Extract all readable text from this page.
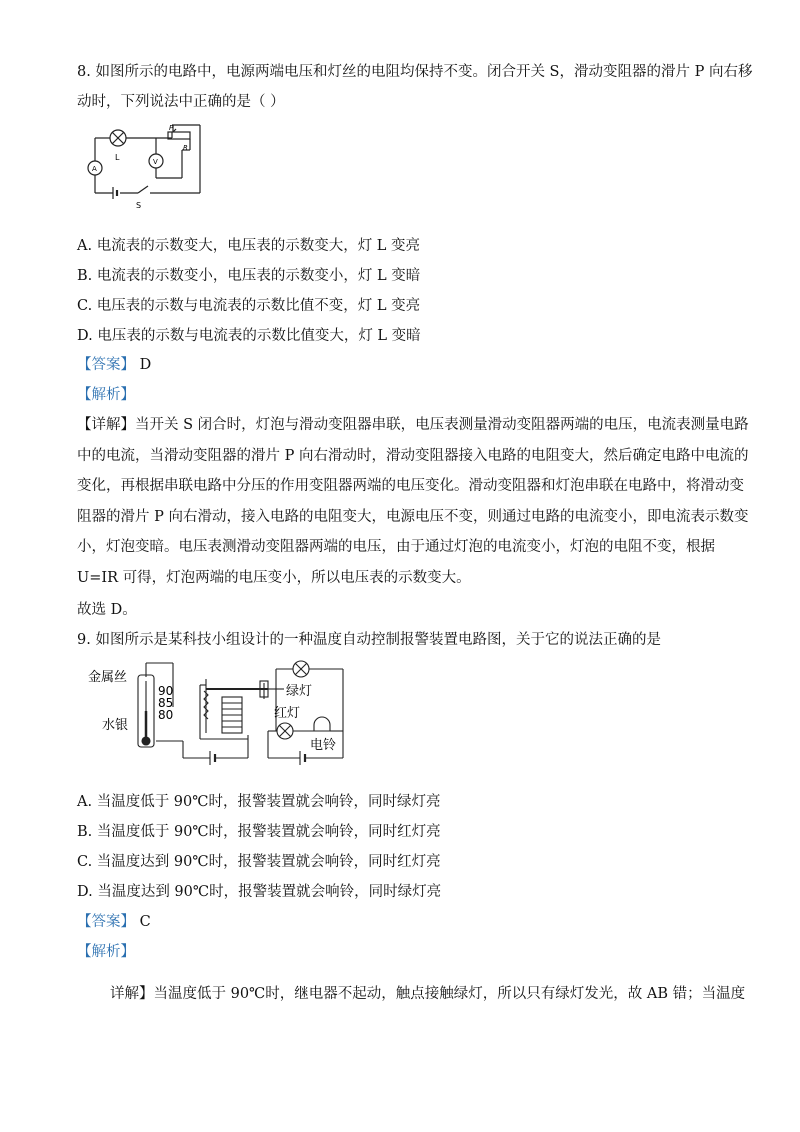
8. 如图所示的电路中，电源两端电压和灯丝的电阻均保持不变。闭合开关 S，滑动变阻器的滑片 P 向右移
动时，下列说法中正确的是（ ）
P
R
L
A
V
S
A. 电流表的示数变大，电压表的示数变大，灯 L 变亮
B. 电流表的示数变小，电压表的示数变小，灯 L 变暗
C. 电压表的示数与电流表的示数比值不变，灯 L 变亮
D. 电压表的示数与电流表的示数比值变大，灯 L 变暗
【答案】 D
【解析】
【详解】当开关 S 闭合时，灯泡与滑动变阻器串联，电压表测量滑动变阻器两端的电压，电流表测量电路
中的电流，当滑动变阻器的滑片 P 向右滑动时，滑动变阻器接入电路的电阻变大，然后确定电路中电流的
变化，再根据串联电路中分压的作用变阻器两端的电压变化。滑动变阻器和灯泡串联在电路中，将滑动变
阻器的滑片 P 向右滑动，接入电路的电阻变大，电源电压不变，则通过电路的电流变小，即电流表示数变
小，灯泡变暗。电压表测滑动变阻器两端的电压，由于通过灯泡的电流变小，灯泡的电阻不变，根据
U=IR 可得，灯泡两端的电压变小，所以电压表的示数变大。
故选 D。
9. 如图所示是某科技小组设计的一种温度自动控制报警装置电路图，关于它的说法正确的是
金属丝
水银
90
85
80
绿灯
红灯
电铃
A. 当温度低于 90℃时，报警装置就会响铃，同时绿灯亮
B. 当温度低于 90℃时，报警装置就会响铃，同时红灯亮
C. 当温度达到 90℃时，报警装置就会响铃，同时红灯亮
D. 当温度达到 90℃时，报警装置就会响铃，同时绿灯亮
【答案】 C
【解析】
详解】当温度低于 90℃时，继电器不起动，触点接触绿灯，所以只有绿灯发光，故 AB 错；当温度
